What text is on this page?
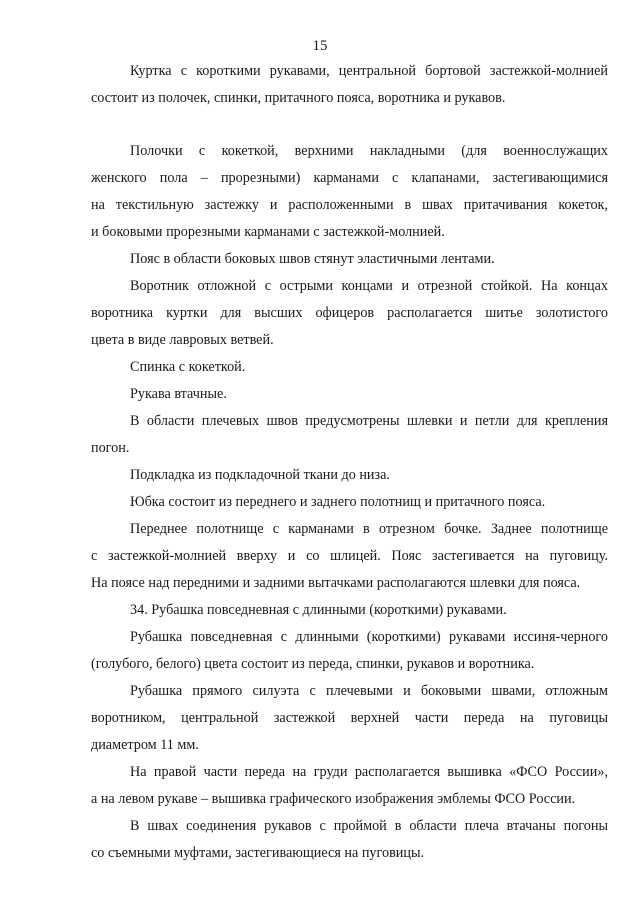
15

Куртка с короткими рукавами, центральной бортовой застежкой-молнией

состоит из полочек, спинки, притачного пояса, воротника и рукавов.

Полочки с кокеткой, верхними накладными (для военнослужащих

женского пола – прорезными) карманами с клапанами, застегивающимися

на текстильную застежку и расположенными в швах притачивания кокеток,

и боковыми прорезными карманами с застежкой-молнией.

Пояс в области боковых швов стянут эластичными лентами.

Воротник отложной с острыми концами и отрезной стойкой. На концах

воротника куртки для высших офицеров располагается шитье золотистого

цвета в виде лавровых ветвей.

Спинка с кокеткой.

Рукава втачные.

В области плечевых швов предусмотрены шлевки и петли для крепления

погон.

Подкладка из подкладочной ткани до низа.

Юбка состоит из переднего и заднего полотнищ и притачного пояса.

Переднее полотнище с карманами в отрезном бочке. Заднее полотнище

с застежкой-молнией вверху и со шлицей. Пояс застегивается на пуговицу.

На поясе над передними и задними вытачками располагаются шлевки для пояса.

34. Рубашка повседневная с длинными (короткими) рукавами.

Рубашка повседневная с длинными (короткими) рукавами иссиня-черного

(голубого, белого) цвета состоит из переда, спинки, рукавов и воротника.

Рубашка прямого силуэта с плечевыми и боковыми швами, отложным

воротником, центральной застежкой верхней части переда на пуговицы

диаметром 11 мм.

На правой части переда на груди располагается вышивка «ФСО России»,

а на левом рукаве – вышивка графического изображения эмблемы ФСО России.

В швах соединения рукавов с проймой в области плеча втачаны погоны

со съемными муфтами, застегивающиеся на пуговицы.
